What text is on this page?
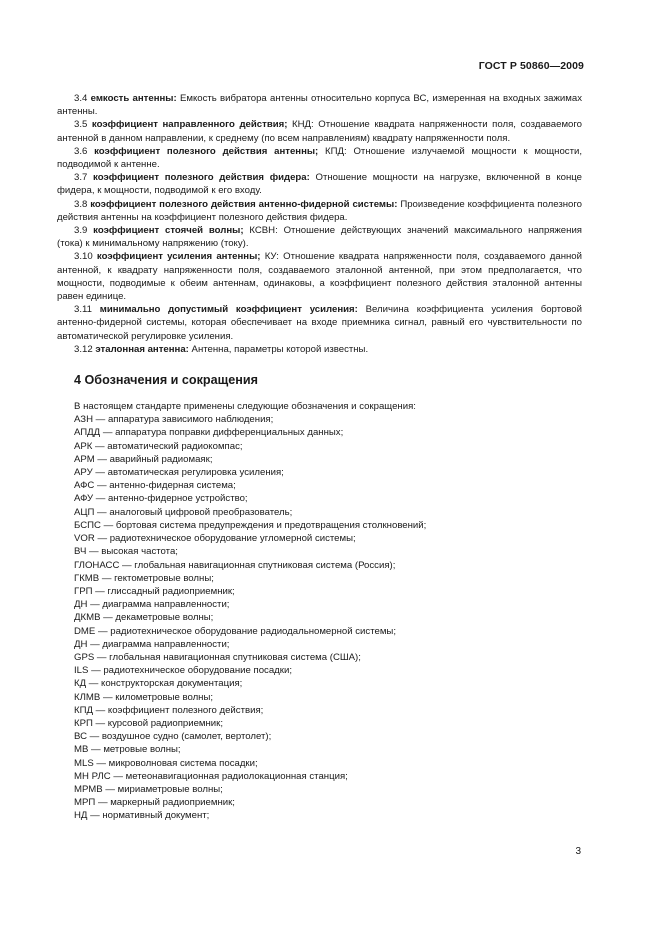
ГОСТ Р 50860—2009

3.4 емкость антенны: Емкость вибратора антенны относительно корпуса ВС, измеренная на входных зажимах антенны.

3.5 коэффициент направленного действия; КНД: Отношение квадрата напряженности поля, создаваемого антенной в данном направлении, к среднему (по всем направлениям) квадрату напряженности поля.

3.6 коэффициент полезного действия антенны; КПД: Отношение излучаемой мощности к мощности, подводимой к антенне.

3.7 коэффициент полезного действия фидера: Отношение мощности на нагрузке, включенной в конце фидера, к мощности, подводимой к его входу.

3.8 коэффициент полезного действия антенно-фидерной системы: Произведение коэффициента полезного действия антенны на коэффициент полезного действия фидера.

3.9 коэффициент стоячей волны; КСВН: Отношение действующих значений максимального напряжения (тока) к минимальному напряжению (току).

3.10 коэффициент усиления антенны; КУ: Отношение квадрата напряженности поля, создаваемого данной антенной, к квадрату напряженности поля, создаваемого эталонной антенной, при этом предполагается, что мощности, подводимые к обеим антеннам, одинаковы, а коэффициент полезного действия эталонной антенны равен единице.

3.11 минимально допустимый коэффициент усиления: Величина коэффициента усиления бортовой антенно-фидерной системы, которая обеспечивает на входе приемника сигнал, равный его чувствительности по автоматической регулировке усиления.

3.12 эталонная антенна: Антенна, параметры которой известны.

4 Обозначения и сокращения

В настоящем стандарте применены следующие обозначения и сокращения:

АЗН — аппаратура зависимого наблюдения;
АПДД — аппаратура поправки дифференциальных данных;
АРК — автоматический радиокомпас;
АРМ — аварийный радиомаяк;
АРУ — автоматическая регулировка усиления;
АФС — антенно-фидерная система;
АФУ — антенно-фидерное устройство;
АЦП — аналоговый цифровой преобразователь;
БСПС — бортовая система предупреждения и предотвращения столкновений;
VOR — радиотехническое оборудование угломерной системы;
ВЧ — высокая частота;
ГЛОНАСС — глобальная навигационная спутниковая система (Россия);
ГКМВ — гектометровые волны;
ГРП — глиссадный радиоприемник;
ДН — диаграмма направленности;
ДКМВ — декаметровые волны;
DME — радиотехническое оборудование радиодальномерной системы;
ДН — диаграмма направленности;
GPS — глобальная навигационная спутниковая система (США);
ILS — радиотехническое оборудование посадки;
КД — конструкторская документация;
КЛМВ — километровые волны;
КПД — коэффициент полезного действия;
КРП — курсовой радиоприемник;
ВС — воздушное судно (самолет, вертолет);
МВ — метровые волны;
MLS — микроволновая система посадки;
МН РЛС — метеонавигационная радиолокационная станция;
МРМВ — мириаметровые волны;
МРП — маркерный радиоприемник;
НД — нормативный документ;
3
